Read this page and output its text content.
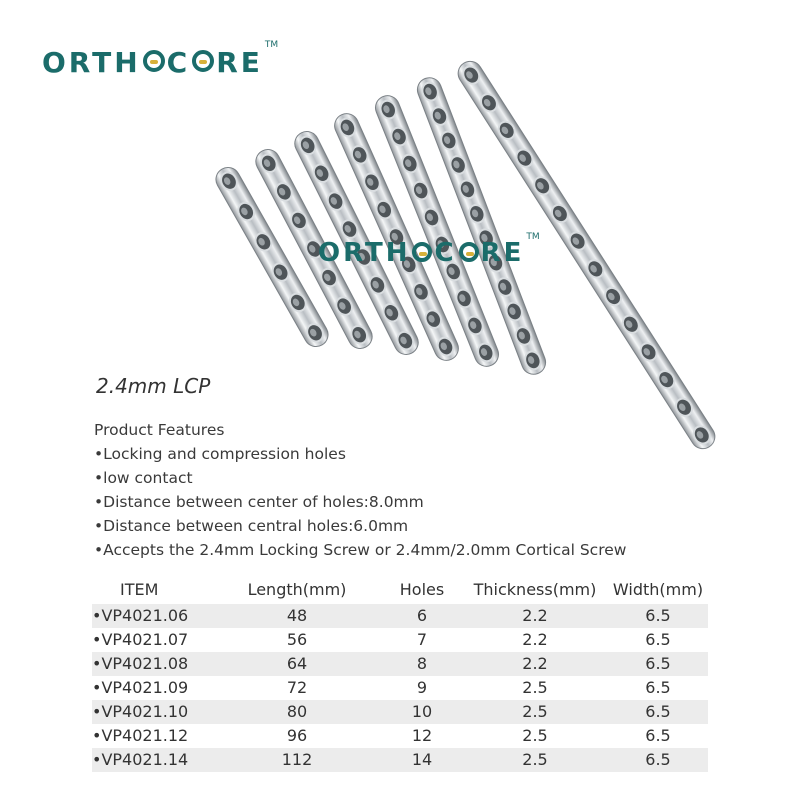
ORTH C RE
TM
ORTH C RE
TM
2.4mm LCP
Product Features
•Locking and compression holes
•low contact
•Distance between center of holes:8.0mm
•Distance between central holes:6.0mm
•Accepts the 2.4mm Locking Screw or 2.4mm/2.0mm Cortical Screw
ITEM	Length(mm)	Holes	Thickness(mm)	Width(mm)
•VP4021.06	48	6	2.2	6.5
•VP4021.07	56	7	2.2	6.5
•VP4021.08	64	8	2.2	6.5
•VP4021.09	72	9	2.5	6.5
•VP4021.10	80	10	2.5	6.5
•VP4021.12	96	12	2.5	6.5
•VP4021.14	112	14	2.5	6.5
